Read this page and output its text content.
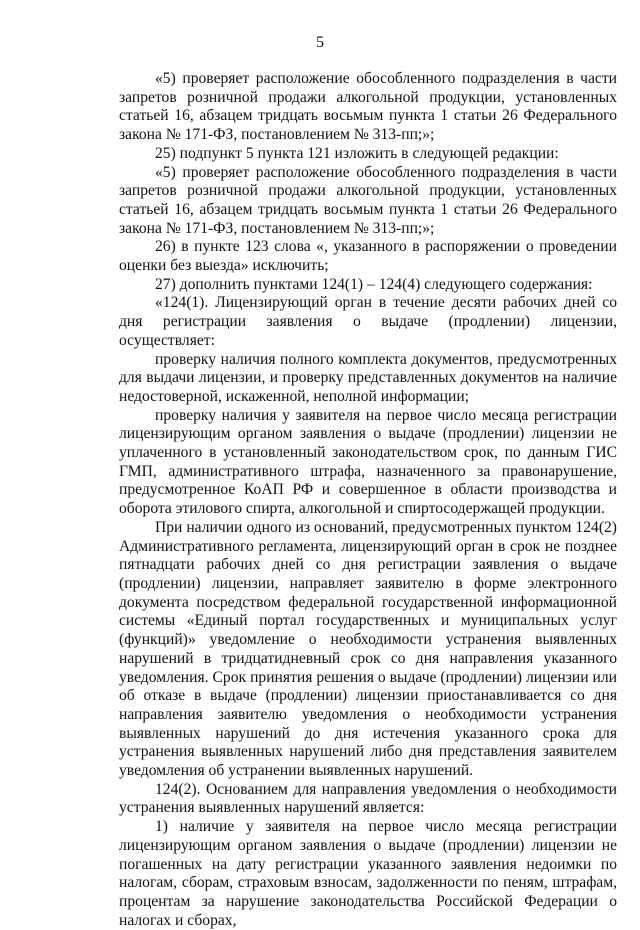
5

«5) проверяет расположение обособленного подразделения в части запретов розничной продажи алкогольной продукции, установленных статьей 16, абзацем тридцать восьмым пункта 1 статьи 26 Федерального закона № 171-ФЗ, постановлением № 313-пп;»;

25) подпункт 5 пункта 121 изложить в следующей редакции:

«5) проверяет расположение обособленного подразделения в части запретов розничной продажи алкогольной продукции, установленных статьей 16, абзацем тридцать восьмым пункта 1 статьи 26 Федерального закона № 171-ФЗ, постановлением № 313-пп;»;

26) в пункте 123 слова «, указанного в распоряжении о проведении оценки без выезда» исключить;

27) дополнить пунктами 124(1) – 124(4) следующего содержания:

«124(1). Лицензирующий орган в течение десяти рабочих дней со дня регистрации заявления о выдаче (продлении) лицензии, осуществляет:

проверку наличия полного комплекта документов, предусмотренных для выдачи лицензии, и проверку представленных документов на наличие недостоверной, искаженной, неполной информации;

проверку наличия у заявителя на первое число месяца регистрации лицензирующим органом заявления о выдаче (продлении) лицензии не уплаченного в установленный законодательством срок, по данным ГИС ГМП, административного штрафа, назначенного за правонарушение, предусмотренное КоАП РФ и совершенное в области производства и оборота этилового спирта, алкогольной и спиртосодержащей продукции.

При наличии одного из оснований, предусмотренных пунктом 124(2) Административного регламента, лицензирующий орган в срок не позднее пятнадцати рабочих дней со дня регистрации заявления о выдаче (продлении) лицензии, направляет заявителю в форме электронного документа посредством федеральной государственной информационной системы «Единый портал государственных и муниципальных услуг (функций)» уведомление о необходимости устранения выявленных нарушений в тридцатидневный срок со дня направления указанного уведомления. Срок принятия решения о выдаче (продлении) лицензии или об отказе в выдаче (продлении) лицензии приостанавливается со дня направления заявителю уведомления о необходимости устранения выявленных нарушений до дня истечения указанного срока для устранения выявленных нарушений либо дня представления заявителем уведомления об устранении выявленных нарушений.

124(2). Основанием для направления уведомления о необходимости устранения выявленных нарушений является:

1) наличие у заявителя на первое число месяца регистрации лицензирующим органом заявления о выдаче (продлении) лицензии не погашенных на дату регистрации указанного заявления недоимки по налогам, сборам, страховым взносам, задолженности по пеням, штрафам, процентам за нарушение законодательства Российской Федерации о налогах и сборах,
